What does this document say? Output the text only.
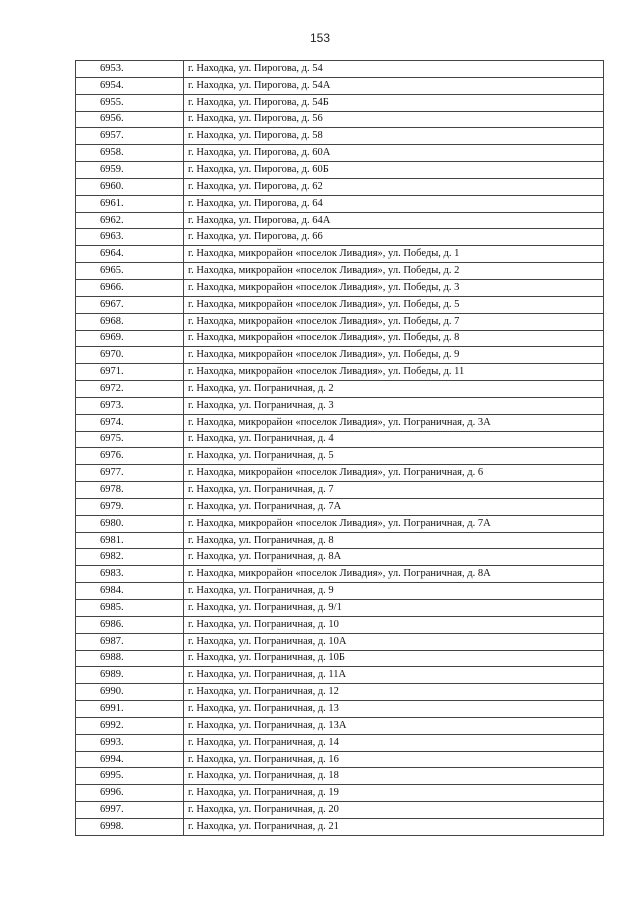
153
6953.	г. Находка, ул. Пирогова, д. 54
6954.	г. Находка, ул. Пирогова, д. 54А
6955.	г. Находка, ул. Пирогова, д. 54Б
6956.	г. Находка, ул. Пирогова, д. 56
6957.	г. Находка, ул. Пирогова, д. 58
6958.	г. Находка, ул. Пирогова, д. 60А
6959.	г. Находка, ул. Пирогова, д. 60Б
6960.	г. Находка, ул. Пирогова, д. 62
6961.	г. Находка, ул. Пирогова, д. 64
6962.	г. Находка, ул. Пирогова, д. 64А
6963.	г. Находка, ул. Пирогова, д. 66
6964.	г. Находка, микрорайон «поселок Ливадия», ул. Победы, д. 1
6965.	г. Находка, микрорайон «поселок Ливадия», ул. Победы, д. 2
6966.	г. Находка, микрорайон «поселок Ливадия», ул. Победы, д. 3
6967.	г. Находка, микрорайон «поселок Ливадия», ул. Победы, д. 5
6968.	г. Находка, микрорайон «поселок Ливадия», ул. Победы, д. 7
6969.	г. Находка, микрорайон «поселок Ливадия», ул. Победы, д. 8
6970.	г. Находка, микрорайон «поселок Ливадия», ул. Победы, д. 9
6971.	г. Находка, микрорайон «поселок Ливадия», ул. Победы, д. 11
6972.	г. Находка, ул. Пограничная, д. 2
6973.	г. Находка, ул. Пограничная, д. 3
6974.	г. Находка, микрорайон «поселок Ливадия», ул. Пограничная, д. 3А
6975.	г. Находка, ул. Пограничная, д. 4
6976.	г. Находка, ул. Пограничная, д. 5
6977.	г. Находка, микрорайон «поселок Ливадия», ул. Пограничная, д. 6
6978.	г. Находка, ул. Пограничная, д. 7
6979.	г. Находка, ул. Пограничная, д. 7А
6980.	г. Находка, микрорайон «поселок Ливадия», ул. Пограничная, д. 7А
6981.	г. Находка, ул. Пограничная, д. 8
6982.	г. Находка, ул. Пограничная, д. 8А
6983.	г. Находка, микрорайон «поселок Ливадия», ул. Пограничная, д. 8А
6984.	г. Находка, ул. Пограничная, д. 9
6985.	г. Находка, ул. Пограничная, д. 9/1
6986.	г. Находка, ул. Пограничная, д. 10
6987.	г. Находка, ул. Пограничная, д. 10А
6988.	г. Находка, ул. Пограничная, д. 10Б
6989.	г. Находка, ул. Пограничная, д. 11А
6990.	г. Находка, ул. Пограничная, д. 12
6991.	г. Находка, ул. Пограничная, д. 13
6992.	г. Находка, ул. Пограничная, д. 13А
6993.	г. Находка, ул. Пограничная, д. 14
6994.	г. Находка, ул. Пограничная, д. 16
6995.	г. Находка, ул. Пограничная, д. 18
6996.	г. Находка, ул. Пограничная, д. 19
6997.	г. Находка, ул. Пограничная, д. 20
6998.	г. Находка, ул. Пограничная, д. 21
